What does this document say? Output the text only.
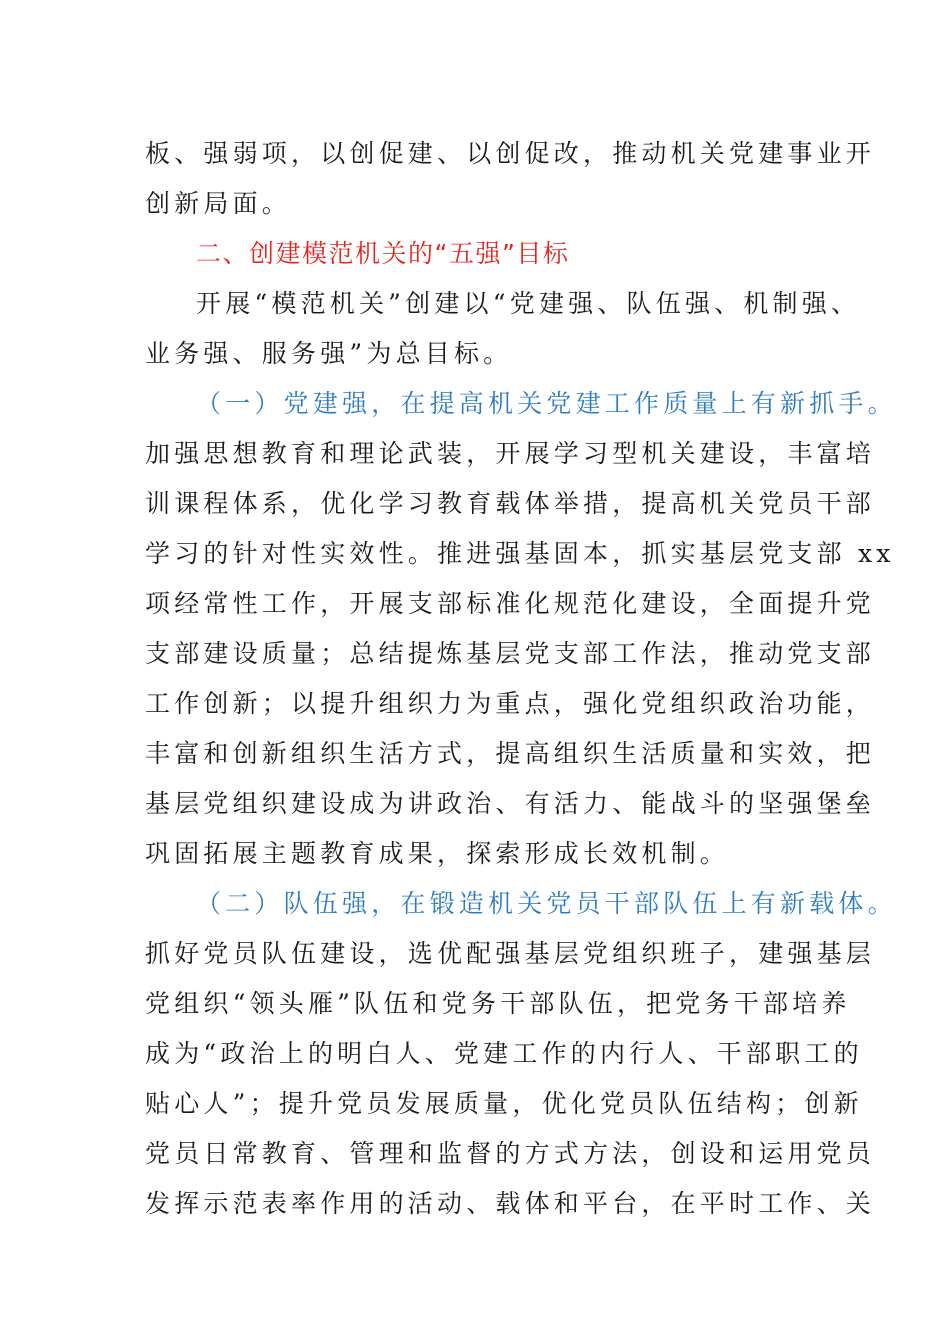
板、强弱项，以创促建、以创促改，推动机关党建事业开
创新局面。
二、创建模范机关的“五强”目标
开展“模范机关”创建以“党建强、队伍强、机制强、
业务强、服务强”为总目标。
（一）党建强，在提高机关党建工作质量上有新抓手。
加强思想教育和理论武装，开展学习型机关建设，丰富培
训课程体系，优化学习教育载体举措，提高机关党员干部
学习的针对性实效性。推进强基固本，抓实基层党支部 xx
项经常性工作，开展支部标准化规范化建设，全面提升党
支部建设质量；总结提炼基层党支部工作法，推动党支部
工作创新；以提升组织力为重点，强化党组织政治功能，
丰富和创新组织生活方式，提高组织生活质量和实效，把
基层党组织建设成为讲政治、有活力、能战斗的坚强堡垒
巩固拓展主题教育成果，探索形成长效机制。
（二）队伍强，在锻造机关党员干部队伍上有新载体。
抓好党员队伍建设，选优配强基层党组织班子，建强基层
党组织“领头雁”队伍和党务干部队伍，把党务干部培养
成为“政治上的明白人、党建工作的内行人、干部职工的
贴心人”；提升党员发展质量，优化党员队伍结构；创新
党员日常教育、管理和监督的方式方法，创设和运用党员
发挥示范表率作用的活动、载体和平台，在平时工作、关
